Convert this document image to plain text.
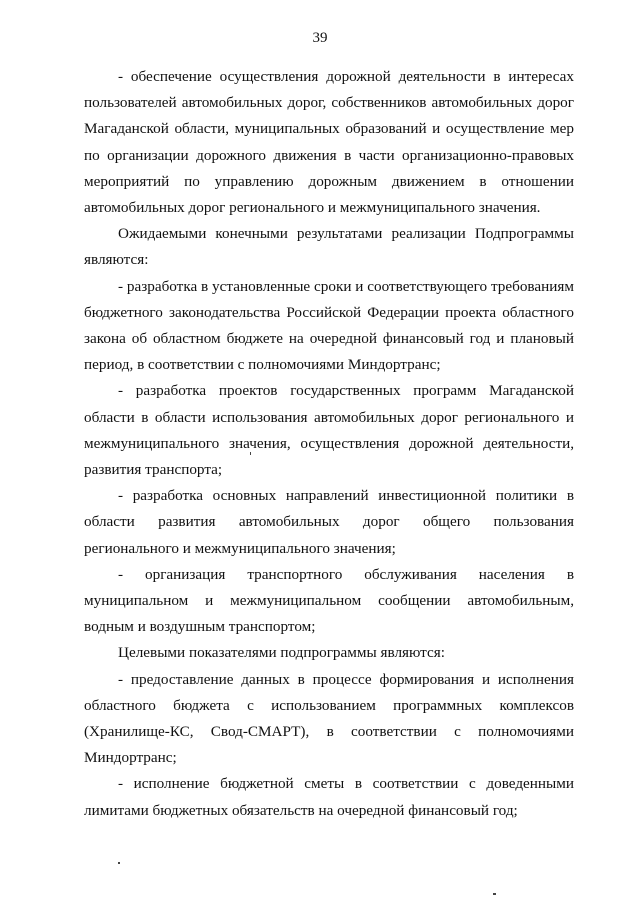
39

- обеспечение осуществления дорожной деятельности в интересах пользователей автомобильных дорог, собственников автомобильных дорог Магаданской области, муниципальных образований и осуществление мер по организации дорожного движения в части организационно-правовых мероприятий по управлению дорожным движением в отношении автомобильных дорог регионального и межмуниципального значения.

Ожидаемыми конечными результатами реализации Подпрограммы являются:

- разработка в установленные сроки и соответствующего требованиям бюджетного законодательства Российской Федерации проекта областного закона об областном бюджете на очередной финансовый год и плановый период, в соответствии с полномочиями Миндортранс;

- разработка проектов государственных программ Магаданской области в области использования автомобильных дорог регионального и межмуниципального значения, осуществления дорожной деятельности, развития транспорта;

- разработка основных направлений инвестиционной политики в области развития автомобильных дорог общего пользования регионального и межмуниципального значения;

- организация транспортного обслуживания населения в муниципальном и межмуниципальном сообщении автомобильным, водным и воздушным транспортом;

Целевыми показателями подпрограммы являются:

- предоставление данных в процессе формирования и исполнения областного бюджета с использованием программных комплексов (Хранилище-КС, Свод-СМАРТ), в соответствии с полномочиями Миндортранс;

- исполнение бюджетной сметы в соответствии с доведенными лимитами бюджетных обязательств на очередной финансовый год;
